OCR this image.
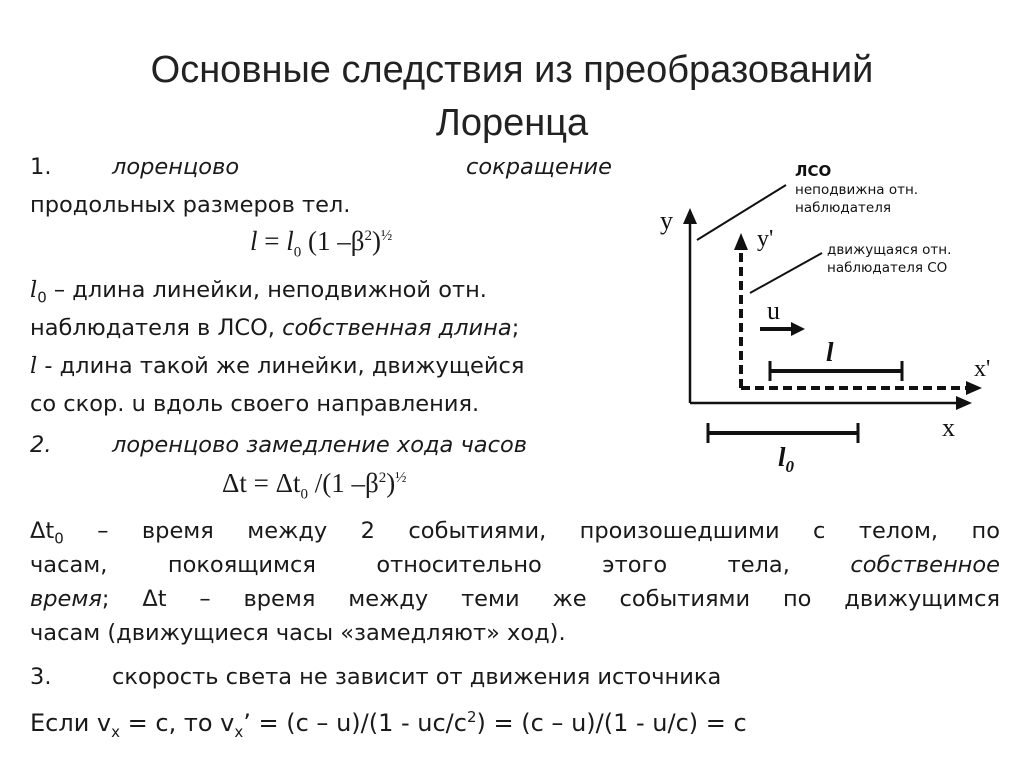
Основные следствия из преобразований
Лоренца
1.	лоренцово	сокращение
продольных размеров тел.
$l = l_0$ (1 $-\beta^2)^{\frac{1}{2}}$
$l_0$ – длина линейки, неподвижной отн.
наблюдателя в ЛСО, собственная длина;
l - длина такой же линейки, движущейся
со скор. u вдоль своего направления.
2.	лоренцово замедление хода часов
$\Delta t = \Delta t_0$ /(1 $-\beta^2)^{\frac{1}{2}}$
$\Delta t_0$ – время между 2 событиями, произошедшими с телом, по
часам, покоящимся относительно этого тела, собственное
время; Δt – время между теми же событиями по движущимся
часам (движущиеся часы «замедляют» ход).
3.	скорость света не зависит от движения источника
Если $v_x = c$, то $v_x$’ = $(c - u)/(1 - uc/c^2) = (c - u)/(1 - u/c) = c$
ЛСО
неподвижна отн.
наблюдателя
движущаяся отн.
наблюдателя СО
y
y'
x
x'
u
l
$l_0$
